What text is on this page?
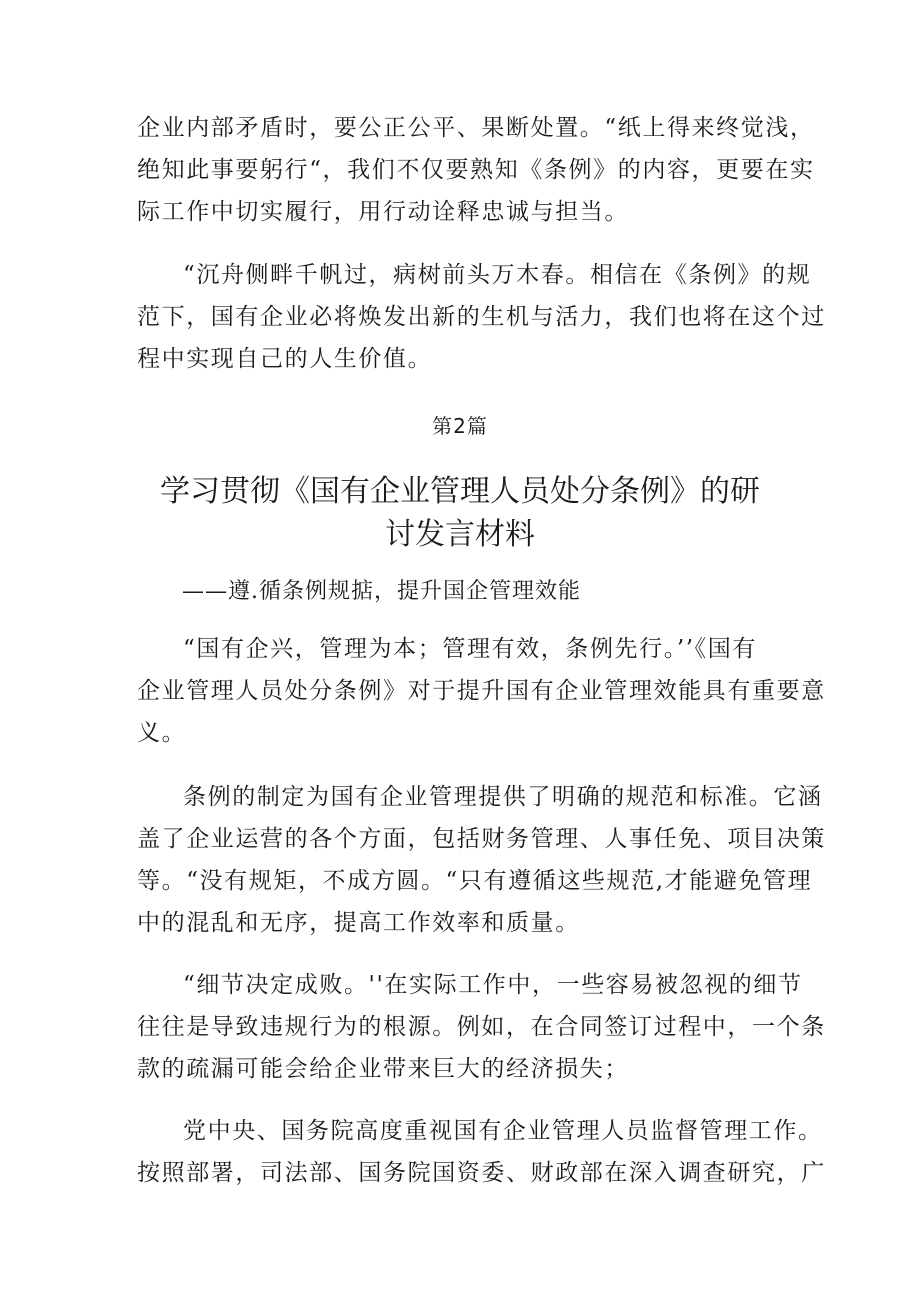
企业内部矛盾时，要公正公平、果断处置。“纸上得来终觉浅，
绝知此事要躬行“，我们不仅要熟知《条例》的内容，更要在实
际工作中切实履行，用行动诠释忠诚与担当。

“沉舟侧畔千帆过，病树前头万木春。相信在《条例》的规
范下，国有企业必将焕发出新的生机与活力，我们也将在这个过
程中实现自己的人生价值。

第2篇

学习贯彻《国有企业管理人员处分条例》的研
讨发言材料

——遵.循条例规掂，提升国企管理效能

“国有企兴，管理为本；管理有效，条例先行。’’《国有
企业管理人员处分条例》对于提升国有企业管理效能具有重要意
义。

条例的制定为国有企业管理提供了明确的规范和标准。它涵
盖了企业运营的各个方面，包括财务管理、人事任免、项目决策
等。“没有规矩，不成方圆。“只有遵循这些规范,才能避免管理
中的混乱和无序，提高工作效率和质量。

“细节决定成败。''在实际工作中，一些容易被忽视的细节
往往是导致违规行为的根源。例如，在合同签订过程中，一个条
款的疏漏可能会给企业带来巨大的经济损失；

党中央、国务院高度重视国有企业管理人员监督管理工作。
按照部署，司法部、国务院国资委、财政部在深入调查研究，广
